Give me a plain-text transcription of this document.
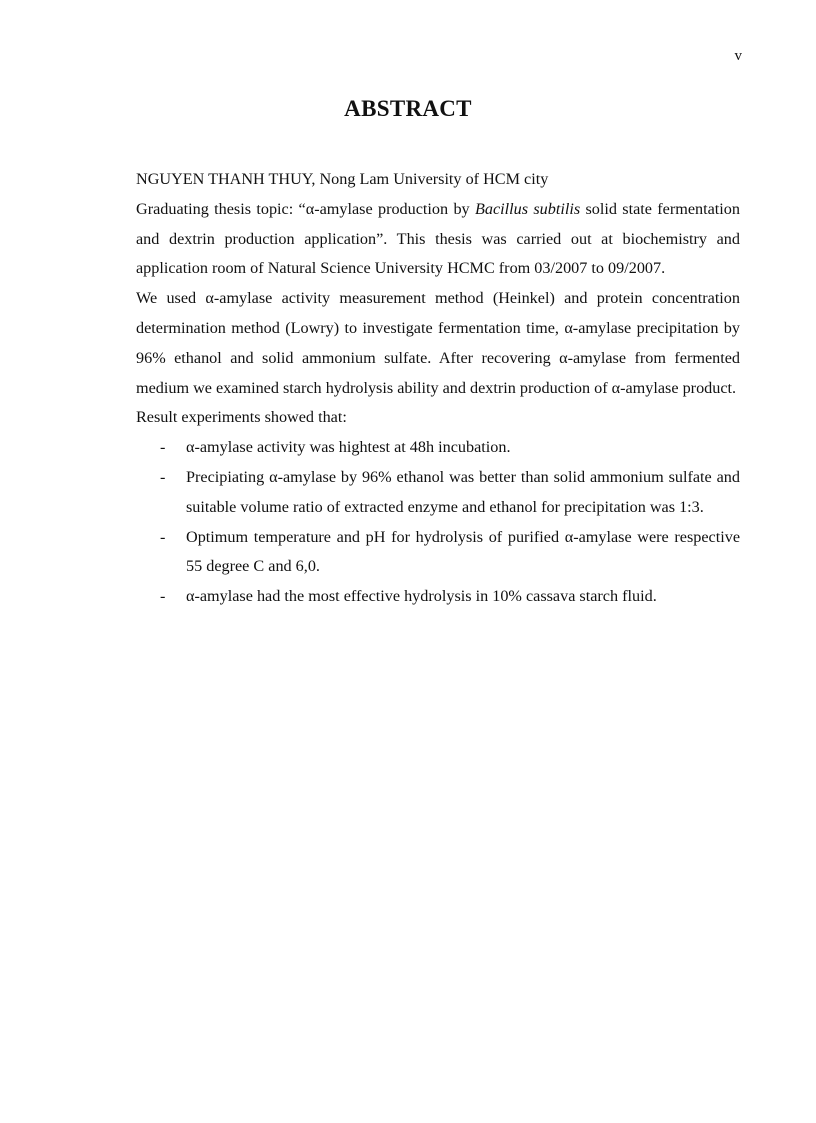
v
ABSTRACT

NGUYEN THANH THUY, Nong Lam University of HCM city

Graduating thesis topic: “α-amylase production by Bacillus subtilis solid state fermentation and dextrin production application”. This thesis was carried out at biochemistry and application room of Natural Science University HCMC from 03/2007 to 09/2007.

We used α-amylase activity measurement method (Heinkel) and protein concentration determination method (Lowry) to investigate fermentation time, α-amylase precipitation by 96% ethanol and solid ammonium sulfate. After recovering α-amylase from fermented medium we examined starch hydrolysis ability and dextrin production of α-amylase product.

Result experiments showed that:

- α-amylase activity was hightest at 48h incubation.
- Precipiating α-amylase by 96% ethanol was better than solid ammonium sulfate and suitable volume ratio of extracted enzyme and ethanol for precipitation was 1:3.
- Optimum temperature and pH for hydrolysis of purified α-amylase were respective 55 degree C and 6,0.
- α-amylase had the most effective hydrolysis in 10% cassava starch fluid.
